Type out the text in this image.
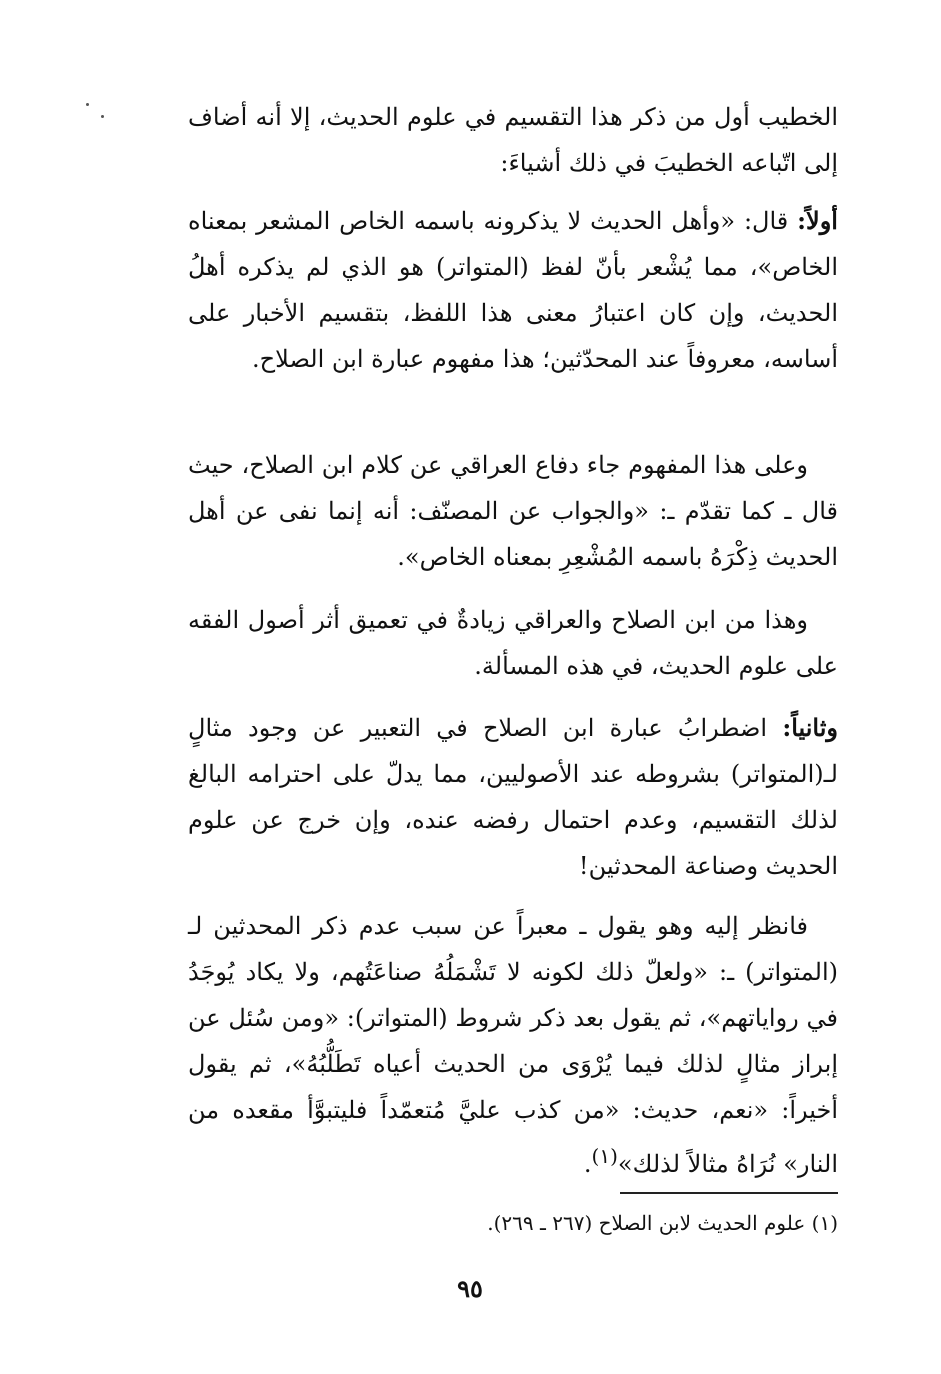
الخطيب أول من ذكر هذا التقسيم في علوم الحديث، إلا أنه أضاف إلى اتّباعه الخطيبَ في ذلك أشياءَ:

أولاً: قال: «وأهل الحديث لا يذكرونه باسمه الخاص المشعر بمعناه الخاص»، مما يُشْعر بأنّ لفظ (المتواتر) هو الذي لم يذكره أهلُ الحديث، وإن كان اعتبارُ معنى هذا اللفظ، بتقسيم الأخبار على أساسه، معروفاً عند المحدّثين؛ هذا مفهوم عبارة ابن الصلاح.

وعلى هذا المفهوم جاء دفاع العراقي عن كلام ابن الصلاح، حيث قال ـ كما تقدّم ـ: «والجواب عن المصنّف: أنه إنما نفى عن أهل الحديث ذِكْرَهُ باسمه المُشْعِرِ بمعناه الخاص».

وهذا من ابن الصلاح والعراقي زيادةٌ في تعميق أثر أصول الفقه على علوم الحديث، في هذه المسألة.

وثانياً: اضطرابُ عبارة ابن الصلاح في التعبير عن وجود مثالٍ لـ(المتواتر) بشروطه عند الأصوليين، مما يدلّ على احترامه البالغ لذلك التقسيم، وعدم احتمال رفضه عنده، وإن خرج عن علوم الحديث وصناعة المحدثين!

فانظر إليه وهو يقول ـ معبراً عن سبب عدم ذكر المحدثين لـ (المتواتر) ـ: «ولعلّ ذلك لكونه لا تَشْمَلُهُ صناعَتُهم، ولا يكاد يُوجَدُ في رواياتهم»، ثم يقول بعد ذكر شروط (المتواتر): «ومن سُئل عن إبراز مثالٍ لذلك فيما يُرْوَى من الحديث أعياه تَطَلُّبُهُ»، ثم يقول أخيراً: «نعم، حديث: «من كذب عليَّ مُتعمّداً فليتبوَّأ مقعده من النار» نُرَاهُ مثالاً لذلك»$^{(١)}$.

(١) علوم الحديث لابن الصلاح (٢٦٧ ـ ٢٦٩).

٩٥
